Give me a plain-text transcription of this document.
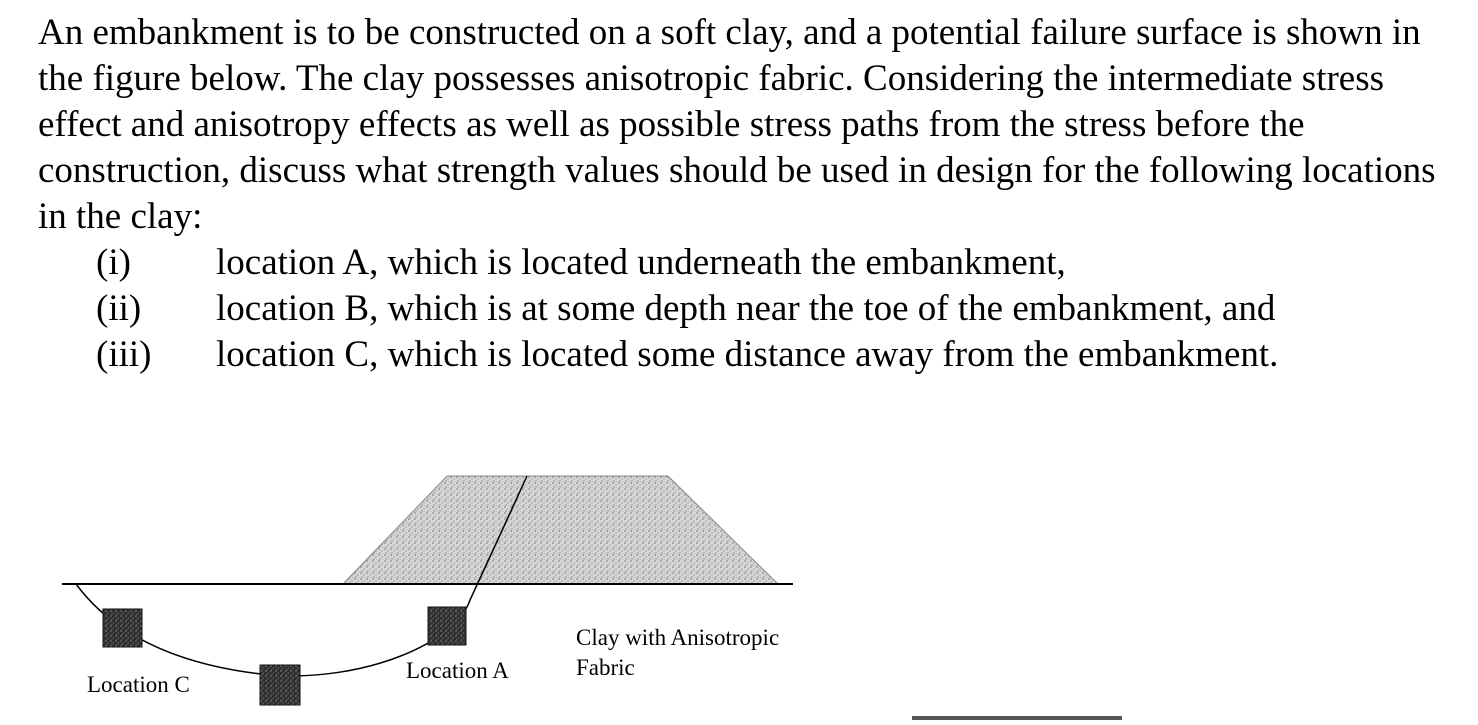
An embankment is to be constructed on a soft clay, and a potential failure surface is shown in the figure below. The clay possesses anisotropic fabric. Considering the intermediate stress effect and anisotropy effects as well as possible stress paths from the stress before the construction, discuss what strength values should be used in design for the following locations in the clay:

(i)	location A, which is located underneath the embankment,
(ii)	location B, which is at some depth near the toe of the embankment, and
(iii)	location C, which is located some distance away from the embankment.
Location C
Location A
Clay with Anisotropic
Fabric
